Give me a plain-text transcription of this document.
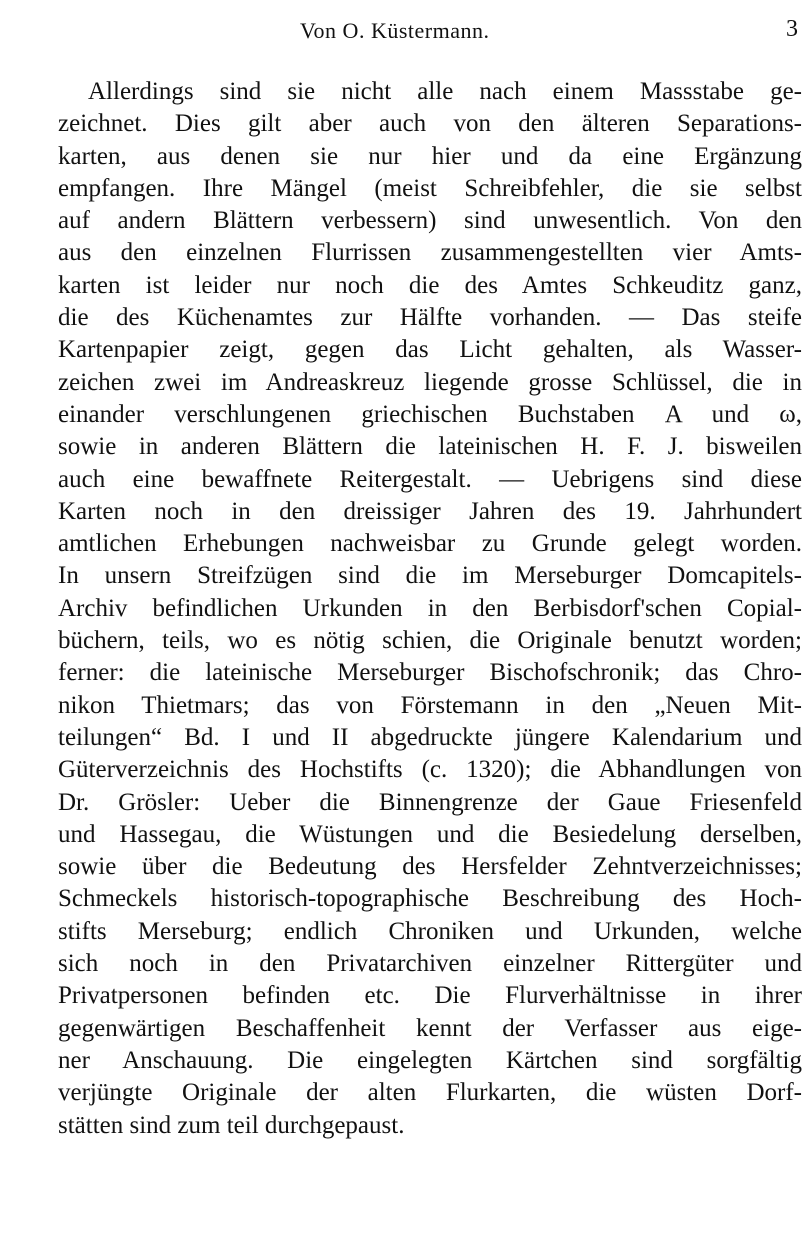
Von O. Küstermann.	3
Allerdings sind sie nicht alle nach einem Massstabe ge-
zeichnet. Dies gilt aber auch von den älteren Separations-
karten, aus denen sie nur hier und da eine Ergänzung
empfangen. Ihre Mängel (meist Schreibfehler, die sie selbst
auf andern Blättern verbessern) sind unwesentlich. Von den
aus den einzelnen Flurrissen zusammengestellten vier Amts-
karten ist leider nur noch die des Amtes Schkeuditz ganz,
die des Küchenamtes zur Hälfte vorhanden. — Das steife
Kartenpapier zeigt, gegen das Licht gehalten, als Wasser-
zeichen zwei im Andreaskreuz liegende grosse Schlüssel, die in
einander verschlungenen griechischen Buchstaben Α und ω,
sowie in anderen Blättern die lateinischen H. F. J. bisweilen
auch eine bewaffnete Reitergestalt. — Uebrigens sind diese
Karten noch in den dreissiger Jahren des 19. Jahrhundert
amtlichen Erhebungen nachweisbar zu Grunde gelegt worden.
In unsern Streifzügen sind die im Merseburger Domcapitels-
Archiv befindlichen Urkunden in den Berbisdorf'schen Copial-
büchern, teils, wo es nötig schien, die Originale benutzt worden;
ferner: die lateinische Merseburger Bischofschronik; das Chro-
nikon Thietmars; das von Förstemann in den „Neuen Mit-
teilungen“ Bd. I und II abgedruckte jüngere Kalendarium und
Güterverzeichnis des Hochstifts (c. 1320); die Abhandlungen von
Dr. Grösler: Ueber die Binnengrenze der Gaue Friesenfeld
und Hassegau, die Wüstungen und die Besiedelung derselben,
sowie über die Bedeutung des Hersfelder Zehntverzeichnisses;
Schmeckels historisch-topographische Beschreibung des Hoch-
stifts Merseburg; endlich Chroniken und Urkunden, welche
sich noch in den Privatarchiven einzelner Rittergüter und
Privatpersonen befinden etc. Die Flurverhältnisse in ihrer
gegenwärtigen Beschaffenheit kennt der Verfasser aus eige-
ner Anschauung. Die eingelegten Kärtchen sind sorgfältig
verjüngte Originale der alten Flurkarten, die wüsten Dorf-
stätten sind zum teil durchgepaust.
